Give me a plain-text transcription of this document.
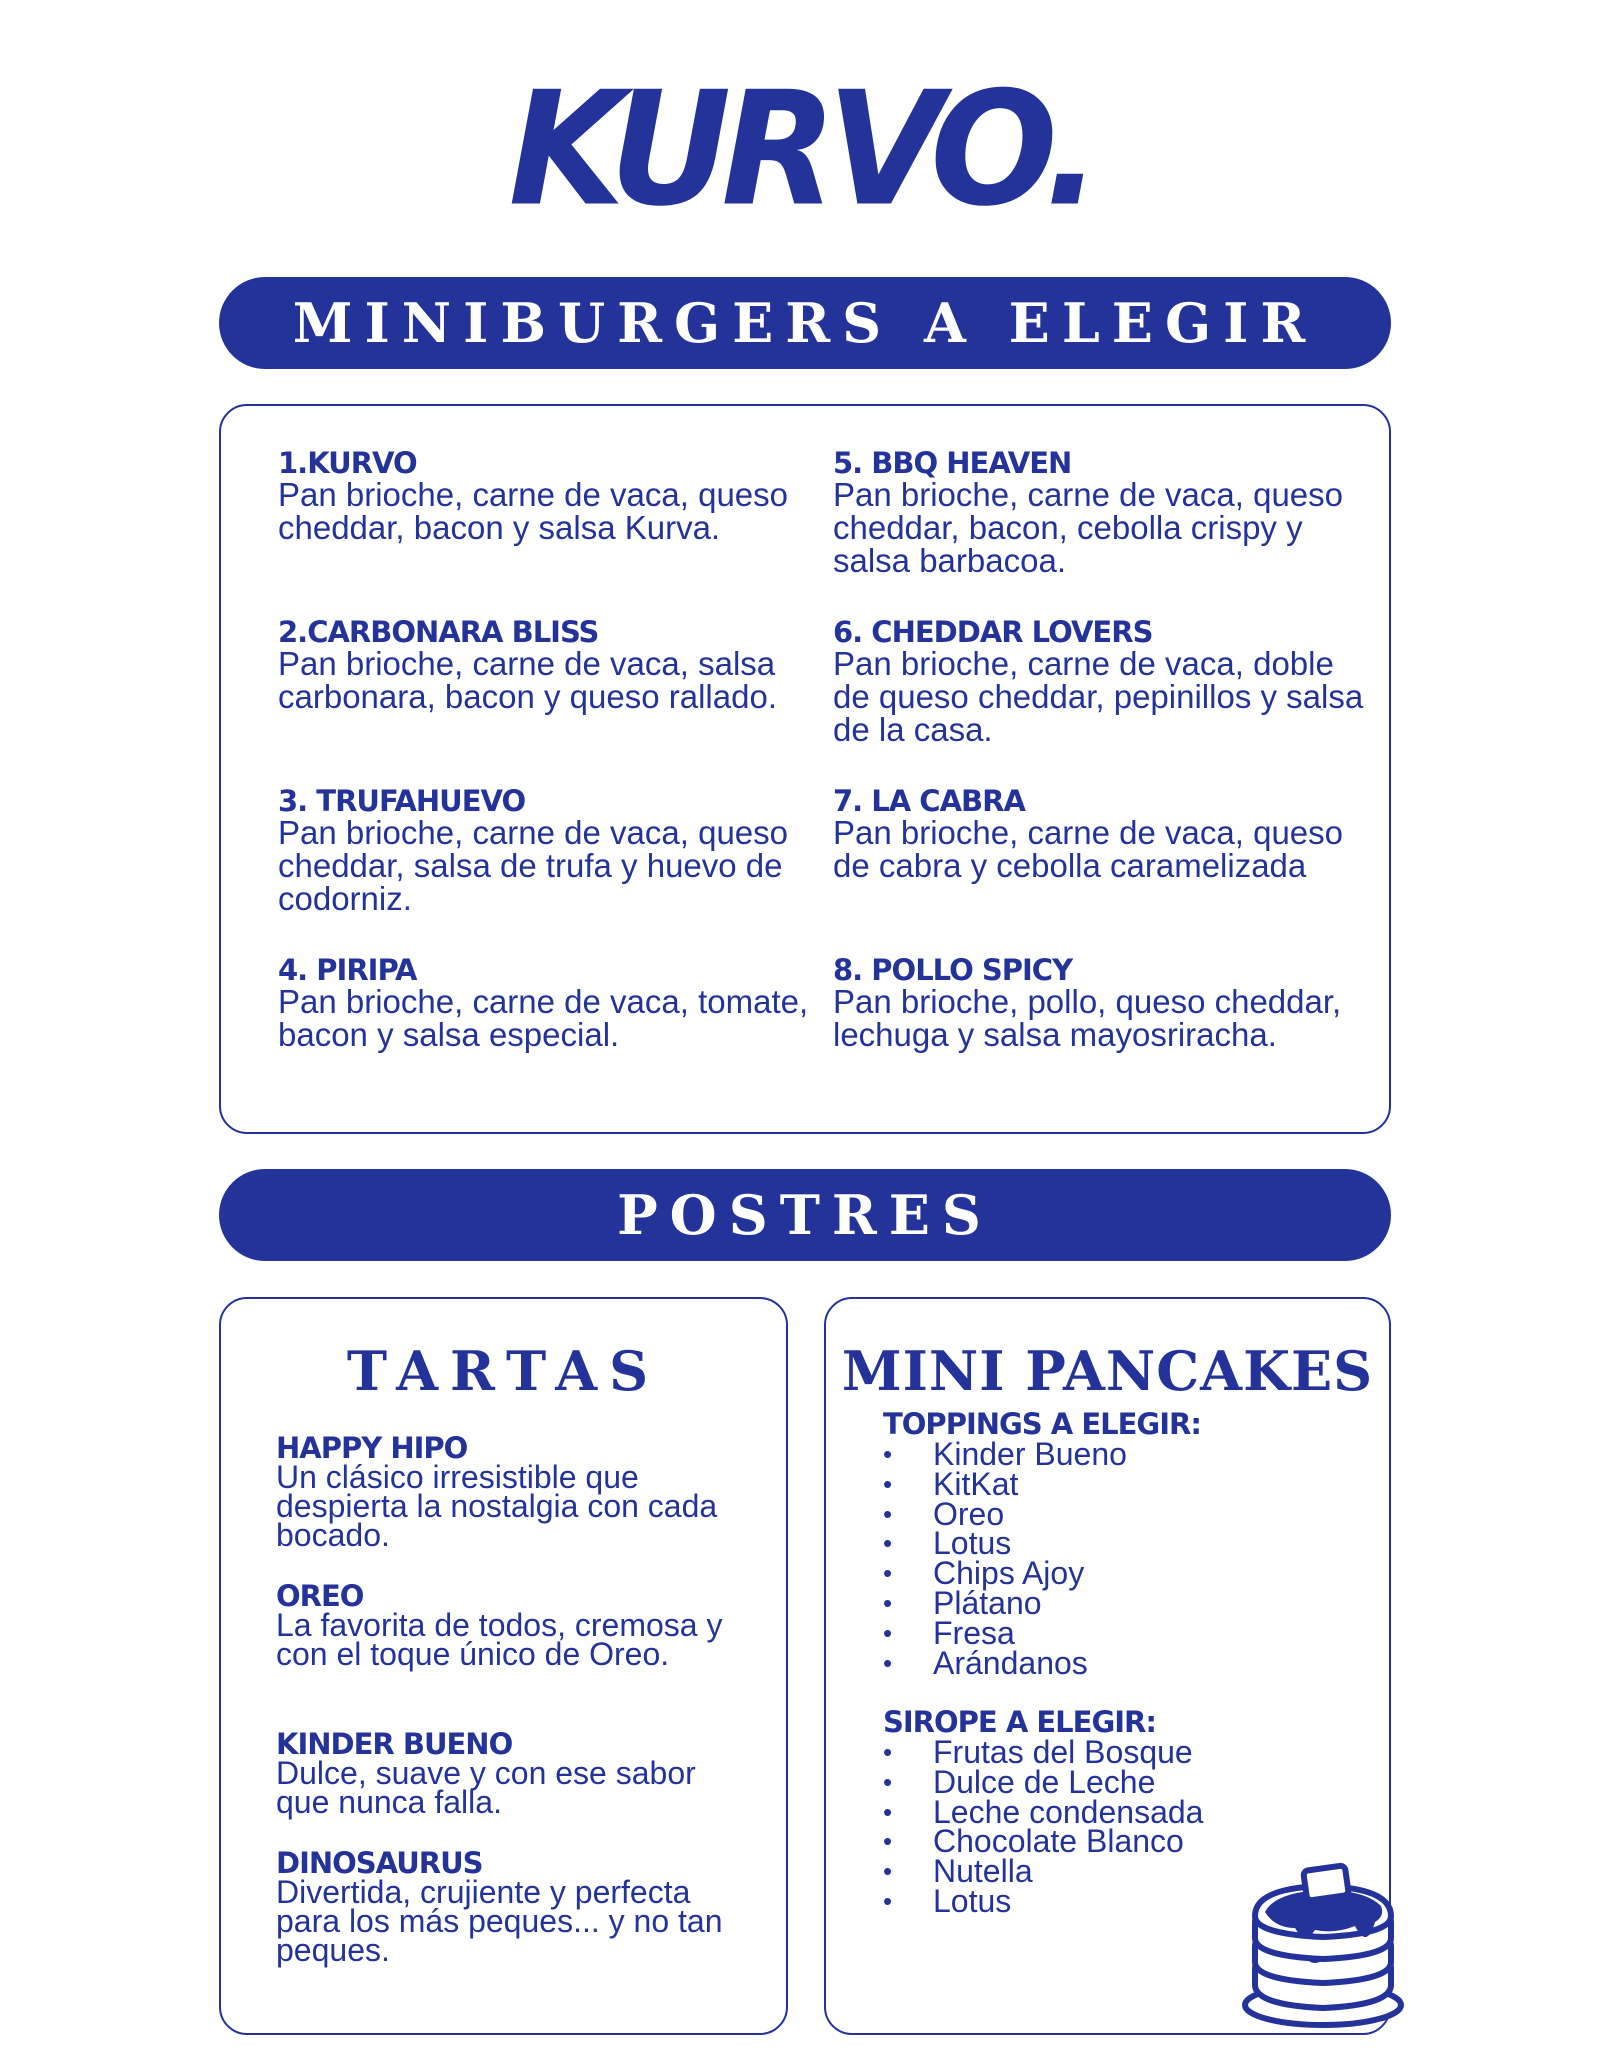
KURVO.
MINIBURGERS A ELEGIR
1.KURVO
Pan brioche, carne de vaca, queso cheddar, bacon y salsa Kurva.
2.CARBONARA BLISS
Pan brioche, carne de vaca, salsa carbonara, bacon y queso rallado.
3. TRUFAHUEVO
Pan brioche, carne de vaca, queso cheddar, salsa de trufa y huevo de codorniz.
4. PIRIPA
Pan brioche, carne de vaca, tomate, bacon y salsa especial.
5. BBQ HEAVEN
Pan brioche, carne de vaca, queso cheddar, bacon, cebolla crispy y salsa barbacoa.
6. CHEDDAR LOVERS
Pan brioche, carne de vaca, doble de queso cheddar, pepinillos y salsa de la casa.
7. LA CABRA
Pan brioche, carne de vaca, queso de cabra y cebolla caramelizada
8. POLLO SPICY
Pan brioche, pollo, queso cheddar, lechuga y salsa mayosriracha.
POSTRES
TARTAS
HAPPY HIPO
Un clásico irresistible que despierta la nostalgia con cada bocado.
OREO
La favorita de todos, cremosa y con el toque único de Oreo.
KINDER BUENO
Dulce, suave y con ese sabor que nunca falla.
DINOSAURUS
Divertida, crujiente y perfecta para los más peques... y no tan peques.
MINI PANCAKES
TOPPINGS A ELEGIR:
• Kinder Bueno
• KitKat
• Oreo
• Lotus
• Chips Ajoy
• Plátano
• Fresa
• Arándanos
SIROPE A ELEGIR:
• Frutas del Bosque
• Dulce de Leche
• Leche condensada
• Chocolate Blanco
• Nutella
• Lotus
